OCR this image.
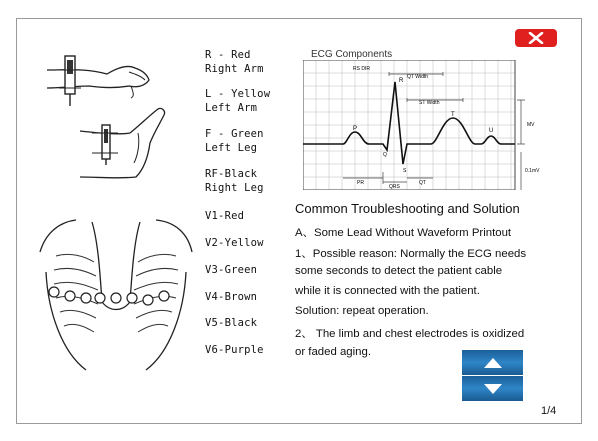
R - Red
Right Arm
L - Yellow
Left Arm
F - Green
Left Leg
RF-Black
Right Leg
V1-Red
V2-Yellow
V3-Green
V4-Brown
V5-Black
V6-Purple
ECG Components
RS DIR
QT Width
ST Width
P
T
U
R
Q
S
PR
QRS
QT
MV
0.1mV
Common Troubleshooting and Solution
A、Some Lead Without Waveform Printout
1、Possible reason: Normally the ECG needs
some seconds to detect the patient cable
while it is connected with the patient.
Solution: repeat operation.
2、 The limb and chest electrodes is oxidized
or faded aging.
1/4
